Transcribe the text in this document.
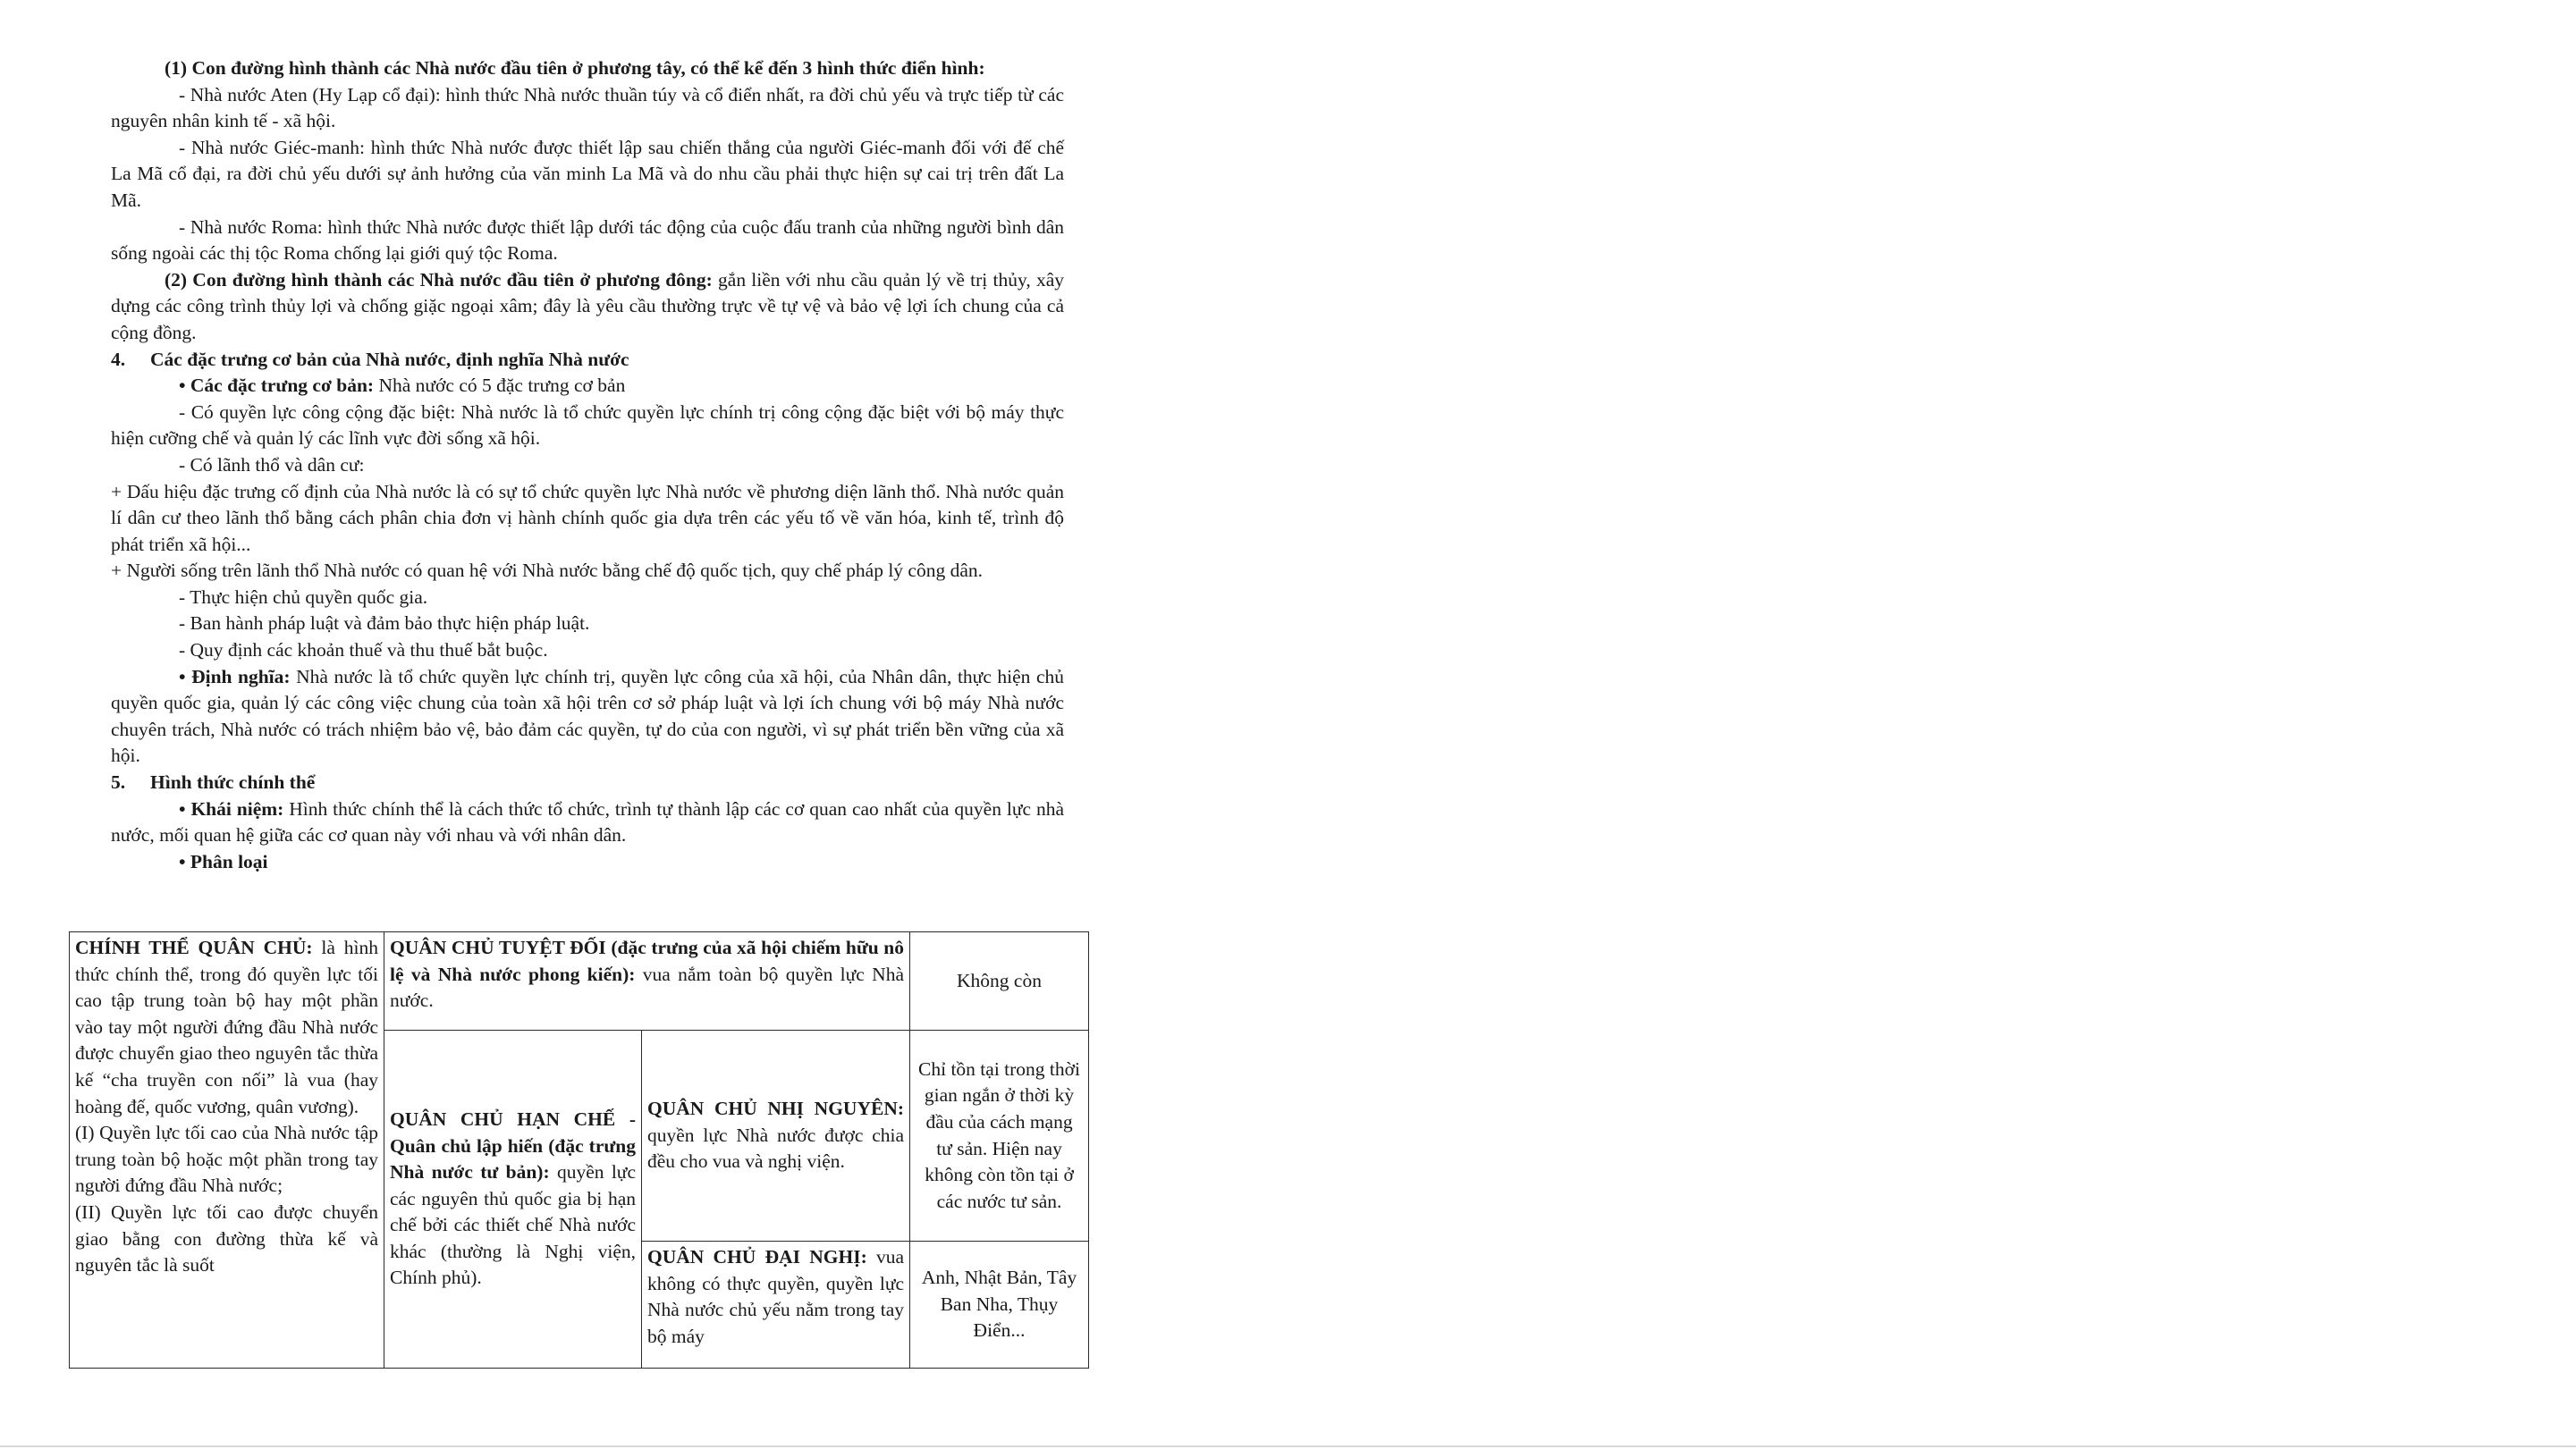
(1) Con đường hình thành các Nhà nước đầu tiên ở phương tây, có thể kể đến 3 hình thức điển hình:

- Nhà nước Aten (Hy Lạp cổ đại): hình thức Nhà nước thuần túy và cổ điển nhất, ra đời chủ yếu và trực tiếp từ các nguyên nhân kinh tế - xã hội.

- Nhà nước Giéc-manh: hình thức Nhà nước được thiết lập sau chiến thắng của người Giéc-manh đối với đế chế La Mã cổ đại, ra đời chủ yếu dưới sự ảnh hưởng của văn minh La Mã và do nhu cầu phải thực hiện sự cai trị trên đất La Mã.

- Nhà nước Roma: hình thức Nhà nước được thiết lập dưới tác động của cuộc đấu tranh của những người bình dân sống ngoài các thị tộc Roma chống lại giới quý tộc Roma.

(2) Con đường hình thành các Nhà nước đầu tiên ở phương đông: gắn liền với nhu cầu quản lý về trị thủy, xây dựng các công trình thủy lợi và chống giặc ngoại xâm; đây là yêu cầu thường trực về tự vệ và bảo vệ lợi ích chung của cả cộng đồng.

4. Các đặc trưng cơ bản của Nhà nước, định nghĩa Nhà nước

• Các đặc trưng cơ bản: Nhà nước có 5 đặc trưng cơ bản

- Có quyền lực công cộng đặc biệt: Nhà nước là tổ chức quyền lực chính trị công cộng đặc biệt với bộ máy thực hiện cưỡng chế và quản lý các lĩnh vực đời sống xã hội.

- Có lãnh thổ và dân cư:

+ Dấu hiệu đặc trưng cố định của Nhà nước là có sự tổ chức quyền lực Nhà nước về phương diện lãnh thổ. Nhà nước quản lí dân cư theo lãnh thổ bằng cách phân chia đơn vị hành chính quốc gia dựa trên các yếu tố về văn hóa, kinh tế, trình độ phát triển xã hội...

+ Người sống trên lãnh thổ Nhà nước có quan hệ với Nhà nước bằng chế độ quốc tịch, quy chế pháp lý công dân.

- Thực hiện chủ quyền quốc gia.

- Ban hành pháp luật và đảm bảo thực hiện pháp luật.

- Quy định các khoản thuế và thu thuế bắt buộc.

• Định nghĩa: Nhà nước là tổ chức quyền lực chính trị, quyền lực công của xã hội, của Nhân dân, thực hiện chủ quyền quốc gia, quản lý các công việc chung của toàn xã hội trên cơ sở pháp luật và lợi ích chung với bộ máy Nhà nước chuyên trách, Nhà nước có trách nhiệm bảo vệ, bảo đảm các quyền, tự do của con người, vì sự phát triển bền vững của xã hội.

5. Hình thức chính thể

• Khái niệm: Hình thức chính thể là cách thức tổ chức, trình tự thành lập các cơ quan cao nhất của quyền lực nhà nước, mối quan hệ giữa các cơ quan này với nhau và với nhân dân.

• Phân loại

CHÍNH THỂ QUÂN CHỦ: là hình thức chính thể, trong đó quyền lực tối cao tập trung toàn bộ hay một phần vào tay một người đứng đầu Nhà nước được chuyển giao theo nguyên tắc thừa kế “cha truyền con nối” là vua (hay hoàng đế, quốc vương, quân vương).
(I) Quyền lực tối cao của Nhà nước tập trung toàn bộ hoặc một phần trong tay người đứng đầu Nhà nước;
(II) Quyền lực tối cao được chuyển giao bằng con đường thừa kế và nguyên tắc là suốt	QUÂN CHỦ TUYỆT ĐỐI (đặc trưng của xã hội chiếm hữu nô lệ và Nhà nước phong kiến): vua nắm toàn bộ quyền lực Nhà nước.		Không còn
	QUÂN CHỦ HẠN CHẾ - Quân chủ lập hiến (đặc trưng Nhà nước tư bản): quyền lực các nguyên thủ quốc gia bị hạn chế bởi các thiết chế Nhà nước khác (thường là Nghị viện, Chính phủ).	QUÂN CHỦ NHỊ NGUYÊN: quyền lực Nhà nước được chia đều cho vua và nghị viện.	Chỉ tồn tại trong thời gian ngắn ở thời kỳ đầu của cách mạng tư sản. Hiện nay không còn tồn tại ở các nước tư sản.
		QUÂN CHỦ ĐẠI NGHỊ: vua không có thực quyền, quyền lực Nhà nước chủ yếu nằm trong tay bộ máy	Anh, Nhật Bản, Tây Ban Nha, Thụy Điển...
